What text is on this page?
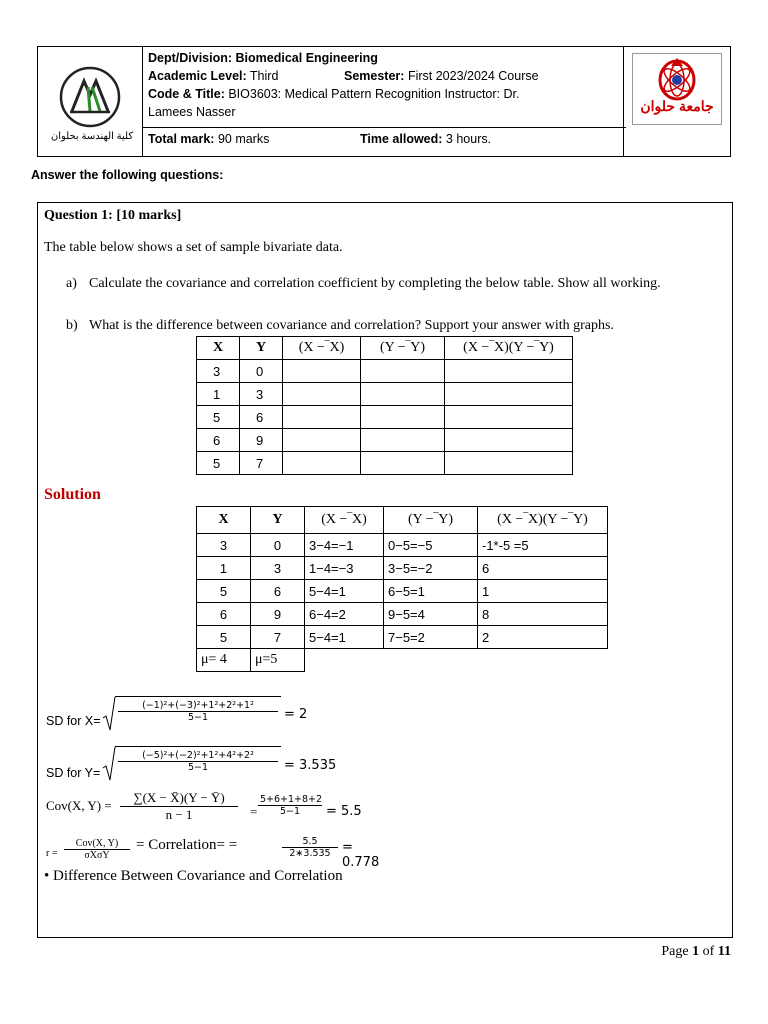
كلية الهندسة بحلوان
Dept/Division: Biomedical Engineering
Academic Level: Third	Semester: First 2023/2024 Course
Code & Title: BIO3603: Medical Pattern Recognition Instructor: Dr.
Lamees Nasser
Total mark: 90 marks	Time allowed: 3 hours.
جامعة حلوان
Answer the following questions:
Question 1: [10 marks]
The table below shows a set of sample bivariate data.
a) Calculate the covariance and correlation coefficient by completing the below table. Show all working.
b) What is the difference between covariance and correlation? Support your answer with graphs.
X	Y	(X −‾X)	(Y −‾Y)	(X −‾X)(Y −‾Y)
3	0			
1	3			
5	6			
6	9			
5	7			
Solution
X	Y	(X −‾X)	(Y −‾Y)	(X −‾X)(Y −‾Y)
3	0	3−4=−1	0−5=−5	-1*-5 =5
1	3	1−4=−3	3−5=−2	6
5	6	5−4=1	6−5=1	1
6	9	6−4=2	9−5=4	8
5	7	5−4=1	7−5=2	2
μ= 4	μ=5			
SD for $X= \frac{\text{(−1)²+(−3)²+1²+2²+1²}}{5-1} = 2$
SD for $Y= \frac{\text{(−5)²+(−2)²+1²+4²+2²}}{5-1} = 3.535$
Cov(X, $Y) = \frac{\sum(X - X̄)(Y - Ȳ)}{n - 1} = \frac{5+6+1+8+2}{5-1} = 5.5$
r =
Cov(X, Y)
σXσY
= Correlation= =	$\frac{5.5}{2∗3.535} = 0.778$
• Difference Between Covariance and Correlation
Page 1 of 11
